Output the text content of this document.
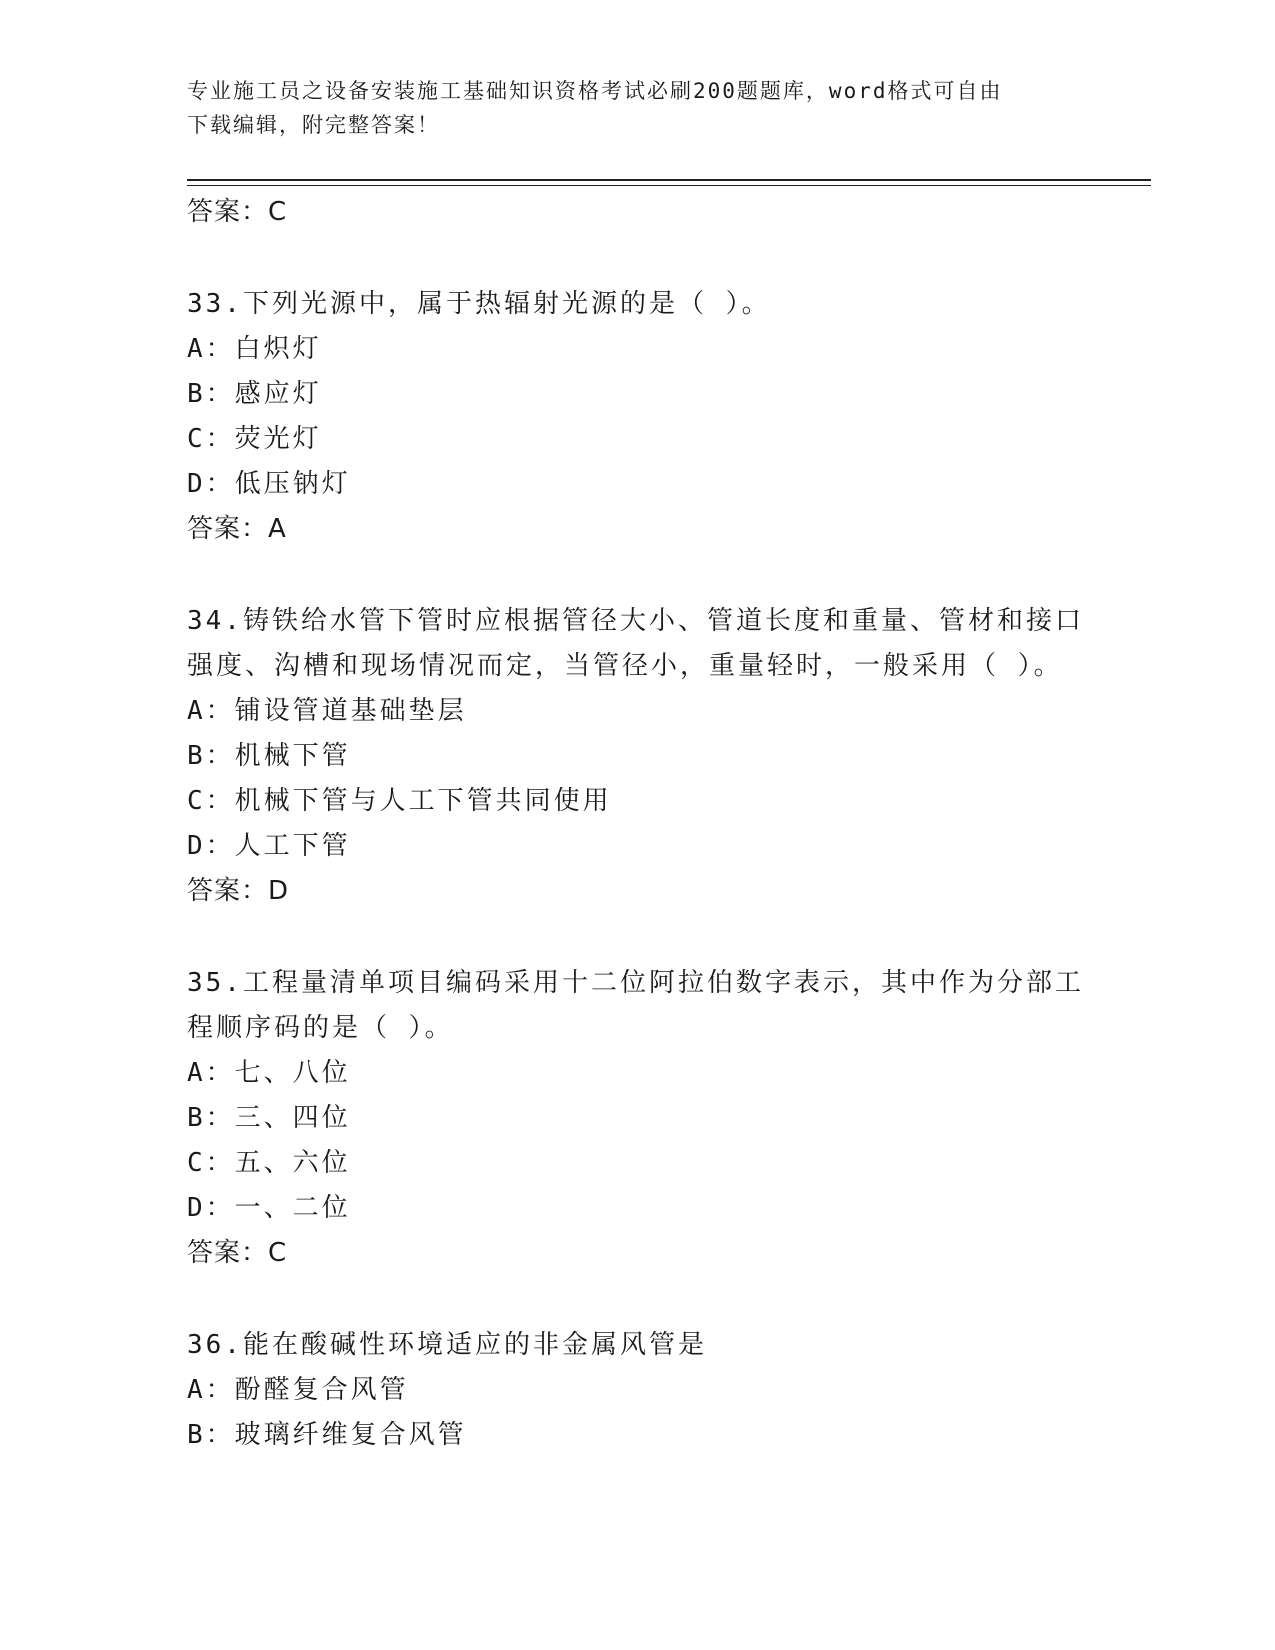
专业施工员之设备安装施工基础知识资格考试必刷200题题库，word格式可自由
下载编辑，附完整答案！
答案：C
33.下列光源中，属于热辐射光源的是（ ）。
A：白炽灯
B：感应灯
C：荧光灯
D：低压钠灯
答案：A
34.铸铁给水管下管时应根据管径大小、管道长度和重量、管材和接口
强度、沟槽和现场情况而定，当管径小，重量轻时，一般采用（ ）。
A：铺设管道基础垫层
B：机械下管
C：机械下管与人工下管共同使用
D：人工下管
答案：D
35.工程量清单项目编码采用十二位阿拉伯数字表示，其中作为分部工
程顺序码的是（ ）。
A：七、八位
B：三、四位
C：五、六位
D：一、二位
答案：C
36.能在酸碱性环境适应的非金属风管是
A：酚醛复合风管
B：玻璃纤维复合风管
